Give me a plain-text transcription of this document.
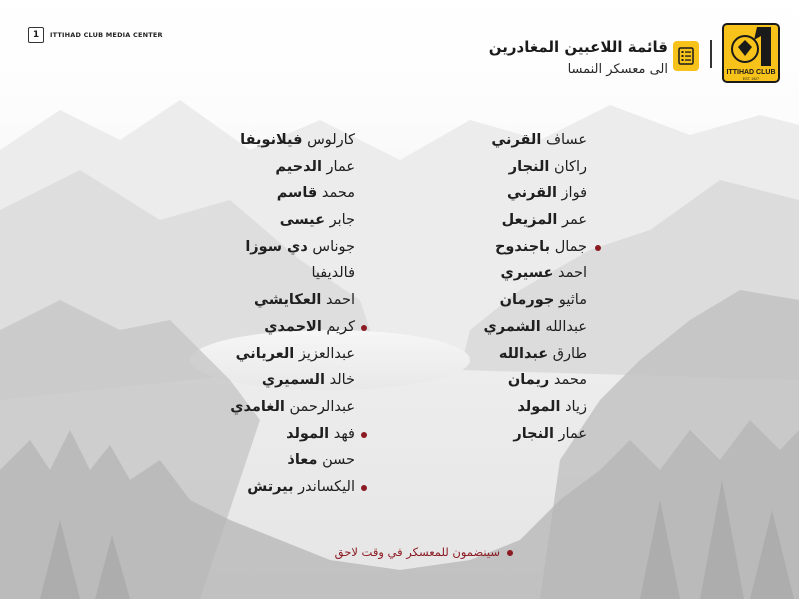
1	ITTIHAD CLUB MEDIA CENTER
ITTIHAD CLUB
EST. 1927
قائمة اللاعبين المغادرين
الى معسكر النمسا
عساف القرني
راكان النجار
فواز القرني
عمر المزيعل
جمال باجندوح
احمد عسيري
ماثيو جورمان
عبدالله الشمري
طارق عبدالله
محمد ريمان
زياد المولد
عمار النجار
كارلوس فيلانويفا
عمار الدحيم
محمد قاسم
جابر عيسى
جوناس دي سوزا
فالديفيا
احمد العكايشي
كريم الاحمدي
عبدالعزيز العرياني
خالد السميري
عبدالرحمن الغامدي
فهد المولد
حسن معاذ
اليكساندر بيرتش
سينضمون للمعسكر في وقت لاحق
